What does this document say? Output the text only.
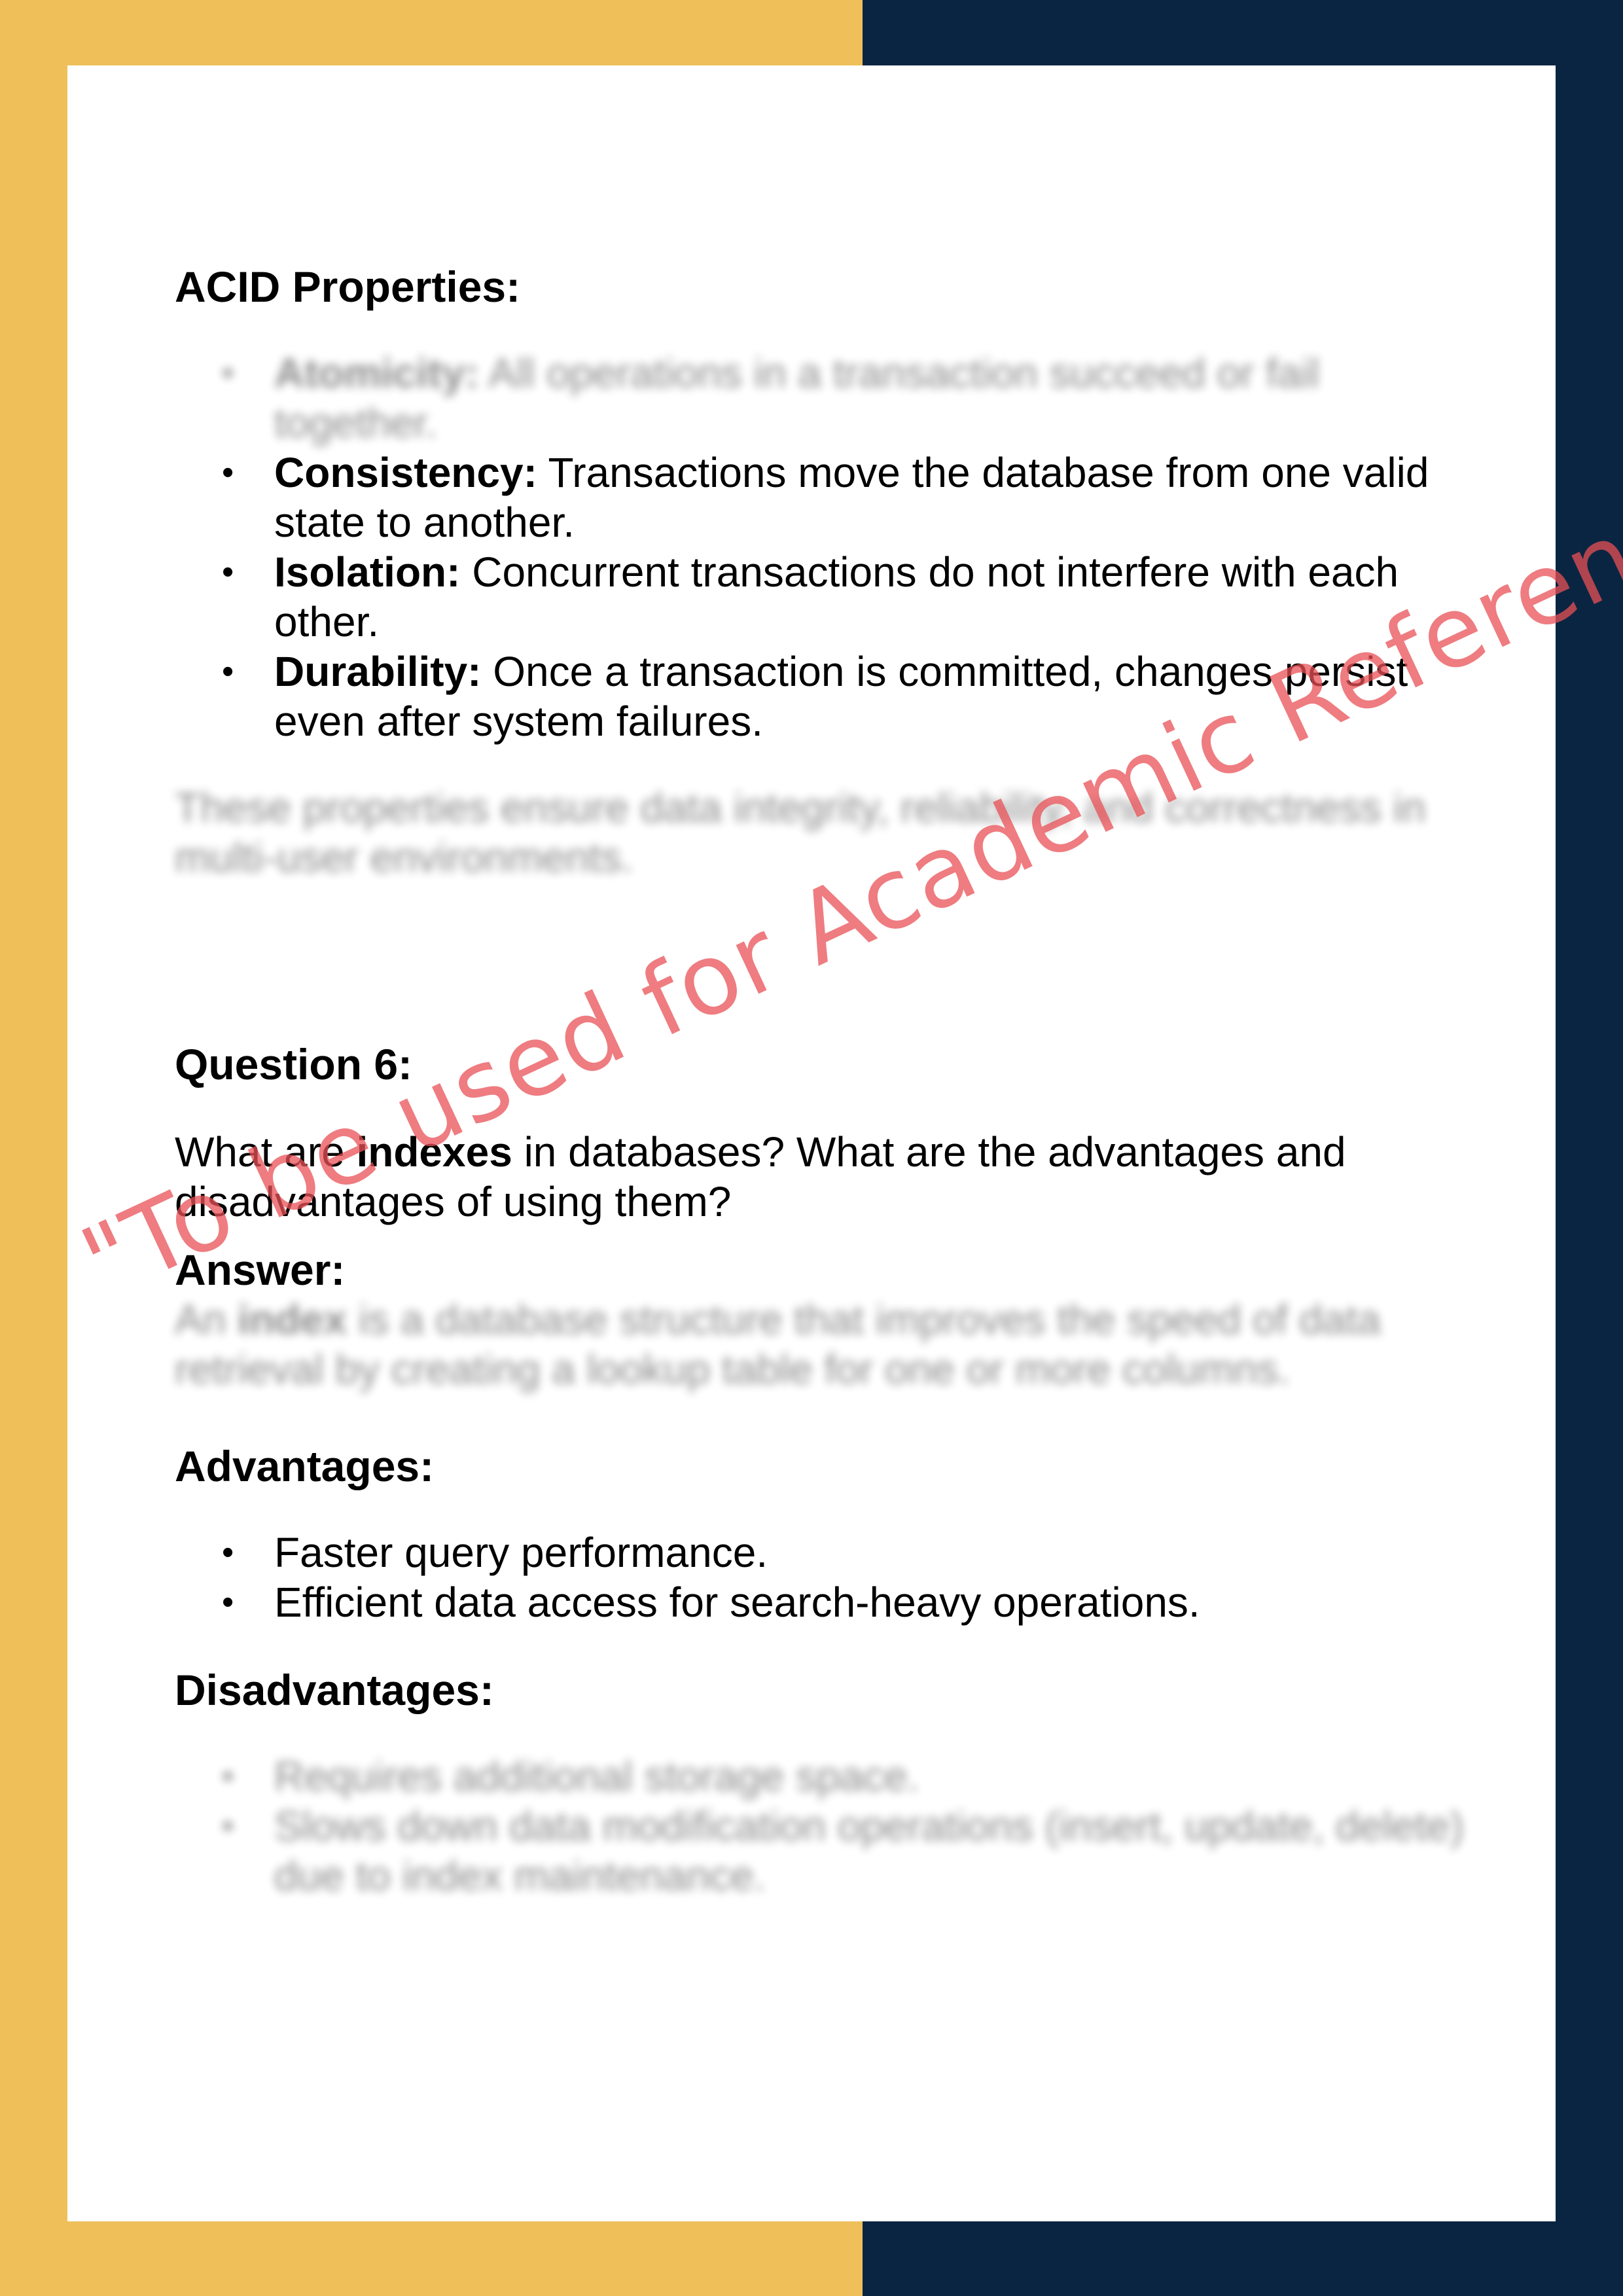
ACID Properties:

• Atomicity: All operations in a transaction succeed or fail together.
• Consistency: Transactions move the database from one valid state to another.
• Isolation: Concurrent transactions do not interfere with each other.
• Durability: Once a transaction is committed, changes persist even after system failures.

These properties ensure data integrity, reliability, and correctness in multi-user environments.

Question 6:

What are indexes in databases? What are the advantages and disadvantages of using them?

Answer:

An index is a database structure that improves the speed of data retrieval by creating a lookup table for one or more columns.

Advantages:

• Faster query performance.
• Efficient data access for search-heavy operations.

Disadvantages:

• Requires additional storage space.
• Slows down data modification operations (insert, update, delete) due to index maintenance.
"To be used for Academic Reference
